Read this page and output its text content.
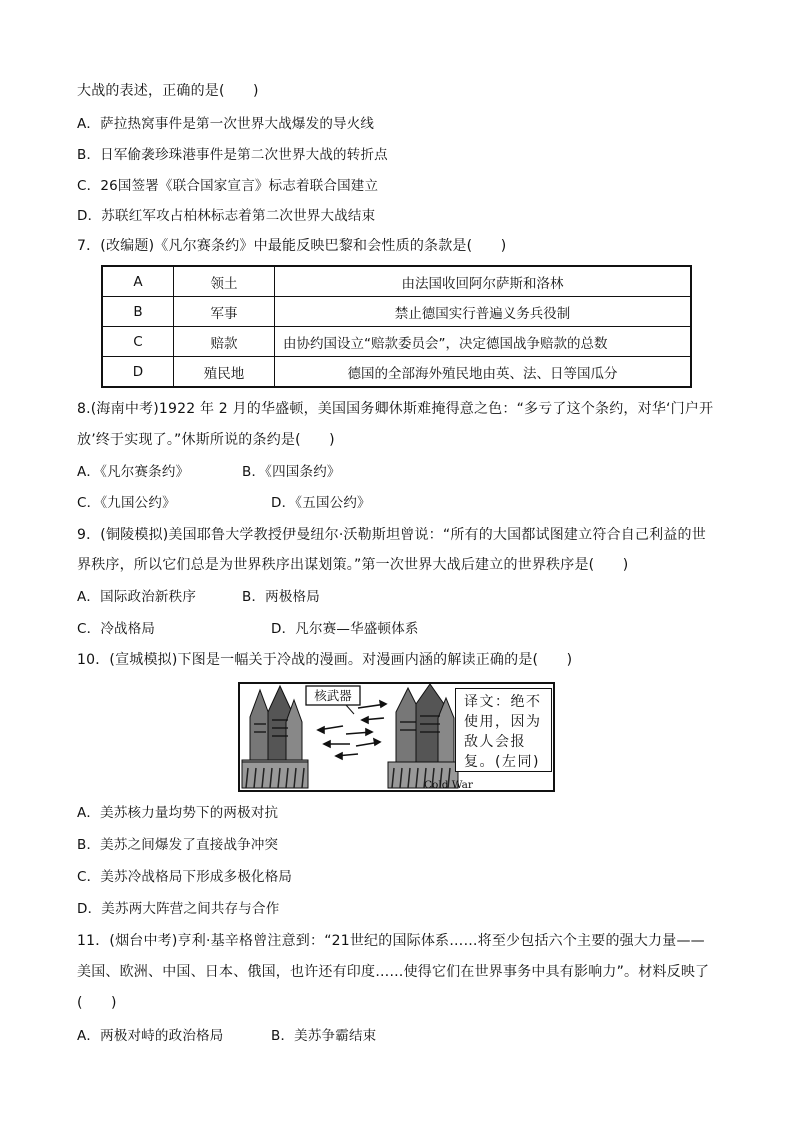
大战的表述，正确的是(　　)
A．萨拉热窝事件是第一次世界大战爆发的导火线
B．日军偷袭珍珠港事件是第二次世界大战的转折点
C．26国签署《联合国家宣言》标志着联合国建立
D．苏联红军攻占柏林标志着第二次世界大战结束
7．(改编题)《凡尔赛条约》中最能反映巴黎和会性质的条款是(　　)
A	领土	由法国收回阿尔萨斯和洛林
B	军事	禁止德国实行普遍义务兵役制
C	赔款	由协约国设立“赔款委员会”，决定德国战争赔款的总数
D	殖民地	德国的全部海外殖民地由英、法、日等国瓜分
8.(海南中考)1922 年 2 月的华盛顿，美国国务卿休斯难掩得意之色：“多亏了这个条约，对华‘门户开
放’终于实现了。”休斯所说的条约是(　　)
A．《凡尔赛条约》	B．《四国条约》
C．《九国公约》	D．《五国公约》
9．(铜陵模拟)美国耶鲁大学教授伊曼纽尔·沃勒斯坦曾说：“所有的大国都试图建立符合自己利益的世
界秩序，所以它们总是为世界秩序出谋划策。”第一次世界大战后建立的世界秩序是(　　)
A．国际政治新秩序	B．两极格局
C．冷战格局	D．凡尔赛—华盛顿体系
10．(宣城模拟)下图是一幅关于冷战的漫画。对漫画内涵的解读正确的是(　　)
核武器
Cold War
译文：绝不使用，因为敌人会报复。(左同)
A．美苏核力量均势下的两极对抗
B．美苏之间爆发了直接战争冲突
C．美苏冷战格局下形成多极化格局
D．美苏两大阵营之间共存与合作
11．(烟台中考)亨利·基辛格曾注意到：“21世纪的国际体系……将至少包括六个主要的强大力量——
美国、欧洲、中国、日本、俄国，也许还有印度……使得它们在世界事务中具有影响力”。材料反映了
(　　)
A．两极对峙的政治格局	B．美苏争霸结束
